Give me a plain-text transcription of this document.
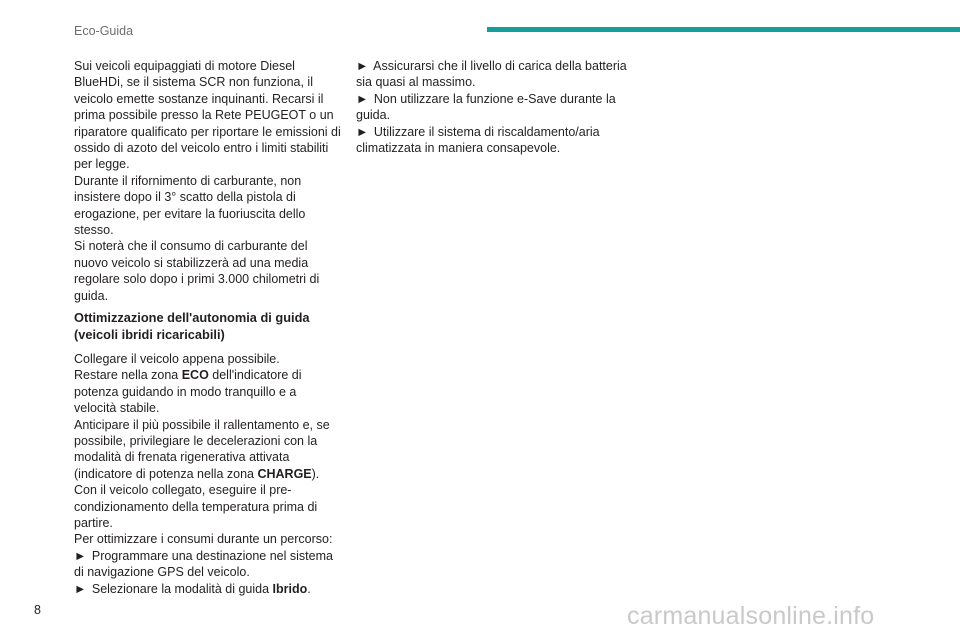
Eco-Guida

Sui veicoli equipaggiati di motore Diesel BlueHDi, se il sistema SCR non funziona, il veicolo emette sostanze inquinanti. Recarsi il prima possibile presso la Rete PEUGEOT o un riparatore qualificato per riportare le emissioni di ossido di azoto del veicolo entro i limiti stabiliti per legge.

Durante il rifornimento di carburante, non insistere dopo il 3° scatto della pistola di erogazione, per evitare la fuoriuscita dello stesso.

Si noterà che il consumo di carburante del nuovo veicolo si stabilizzerà ad una media regolare solo dopo i primi 3.000 chilometri di guida.

Ottimizzazione dell'autonomia di guida (veicoli ibridi ricaricabili)

Collegare il veicolo appena possibile.

Restare nella zona ECO dell'indicatore di potenza guidando in modo tranquillo e a velocità stabile.

Anticipare il più possibile il rallentamento e, se possibile, privilegiare le decelerazioni con la modalità di frenata rigenerativa attivata (indicatore di potenza nella zona CHARGE).

Con il veicolo collegato, eseguire il pre-condizionamento della temperatura prima di partire.

Per ottimizzare i consumi durante un percorso:

► Programmare una destinazione nel sistema di navigazione GPS del veicolo.

► Selezionare la modalità di guida Ibrido.

► Assicurarsi che il livello di carica della batteria sia quasi al massimo.

► Non utilizzare la funzione e-Save durante la guida.

► Utilizzare il sistema di riscaldamento/aria climatizzata in maniera consapevole.

8	carmanualsonline.info
